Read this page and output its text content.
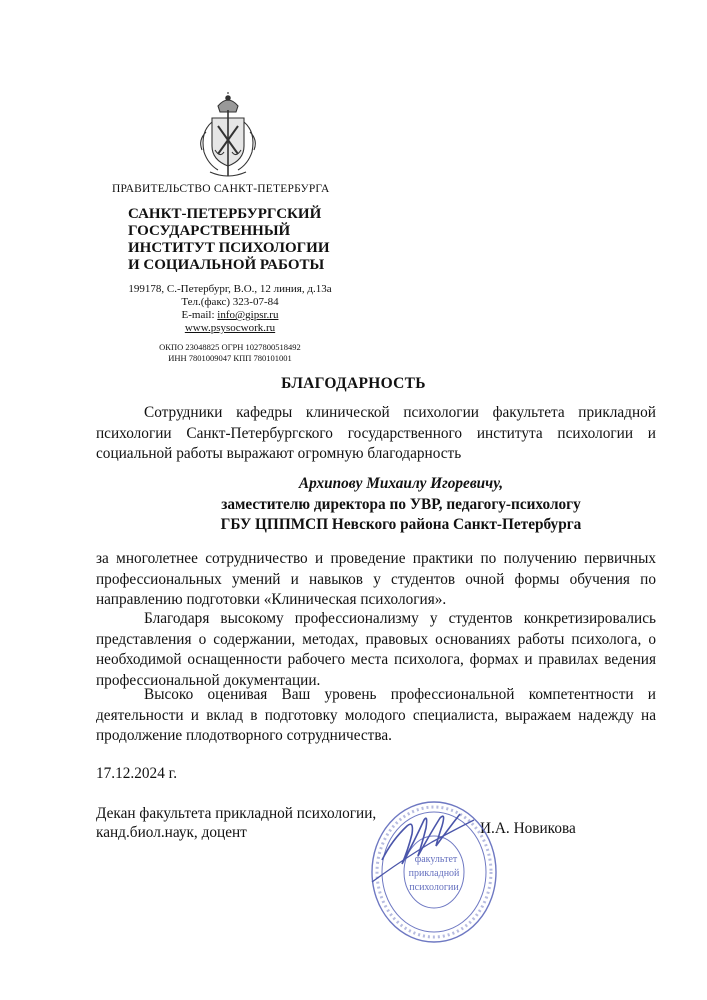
ПРАВИТЕЛЬСТВО САНКТ-ПЕТЕРБУРГА
САНКТ-ПЕТЕРБУРГСКИЙ
ГОСУДАРСТВЕННЫЙ
ИНСТИТУТ ПСИХОЛОГИИ
И СОЦИАЛЬНОЙ РАБОТЫ
199178, С.-Петербург, В.О., 12 линия, д.13а
Тел.(факс) 323-07-84
E-mail: info@gipsr.ru
www.psysocwork.ru
ОКПО 23048825 ОГРН 1027800518492
ИНН 7801009047 КПП 780101001
БЛАГОДАРНОСТЬ
Сотрудники кафедры клинической психологии факультета прикладной психологии Санкт-Петербургского государственного института психологии и социальной работы выражают огромную благодарность
Архипову Михаилу Игоревичу,
заместителю директора по УВР, педагогу-психологу
ГБУ ЦППМСП Невского района Санкт-Петербурга
за многолетнее сотрудничество и проведение практики по получению первичных профессиональных умений и навыков у студентов очной формы обучения по направлению подготовки «Клиническая психология».
Благодаря высокому профессионализму у студентов конкретизировались представления о содержании, методах, правовых основаниях работы психолога, о необходимой оснащенности рабочего места психолога, формах и правилах ведения профессиональной документации.
Высоко оценивая Ваш уровень профессиональной компетентности и деятельности и вклад в подготовку молодого специалиста, выражаем надежду на продолжение плодотворного сотрудничества.
17.12.2024 г.
Декан факультета прикладной психологии,
канд.биол.наук, доцент	И.А. Новикова
факультет
прикладной
психологии
